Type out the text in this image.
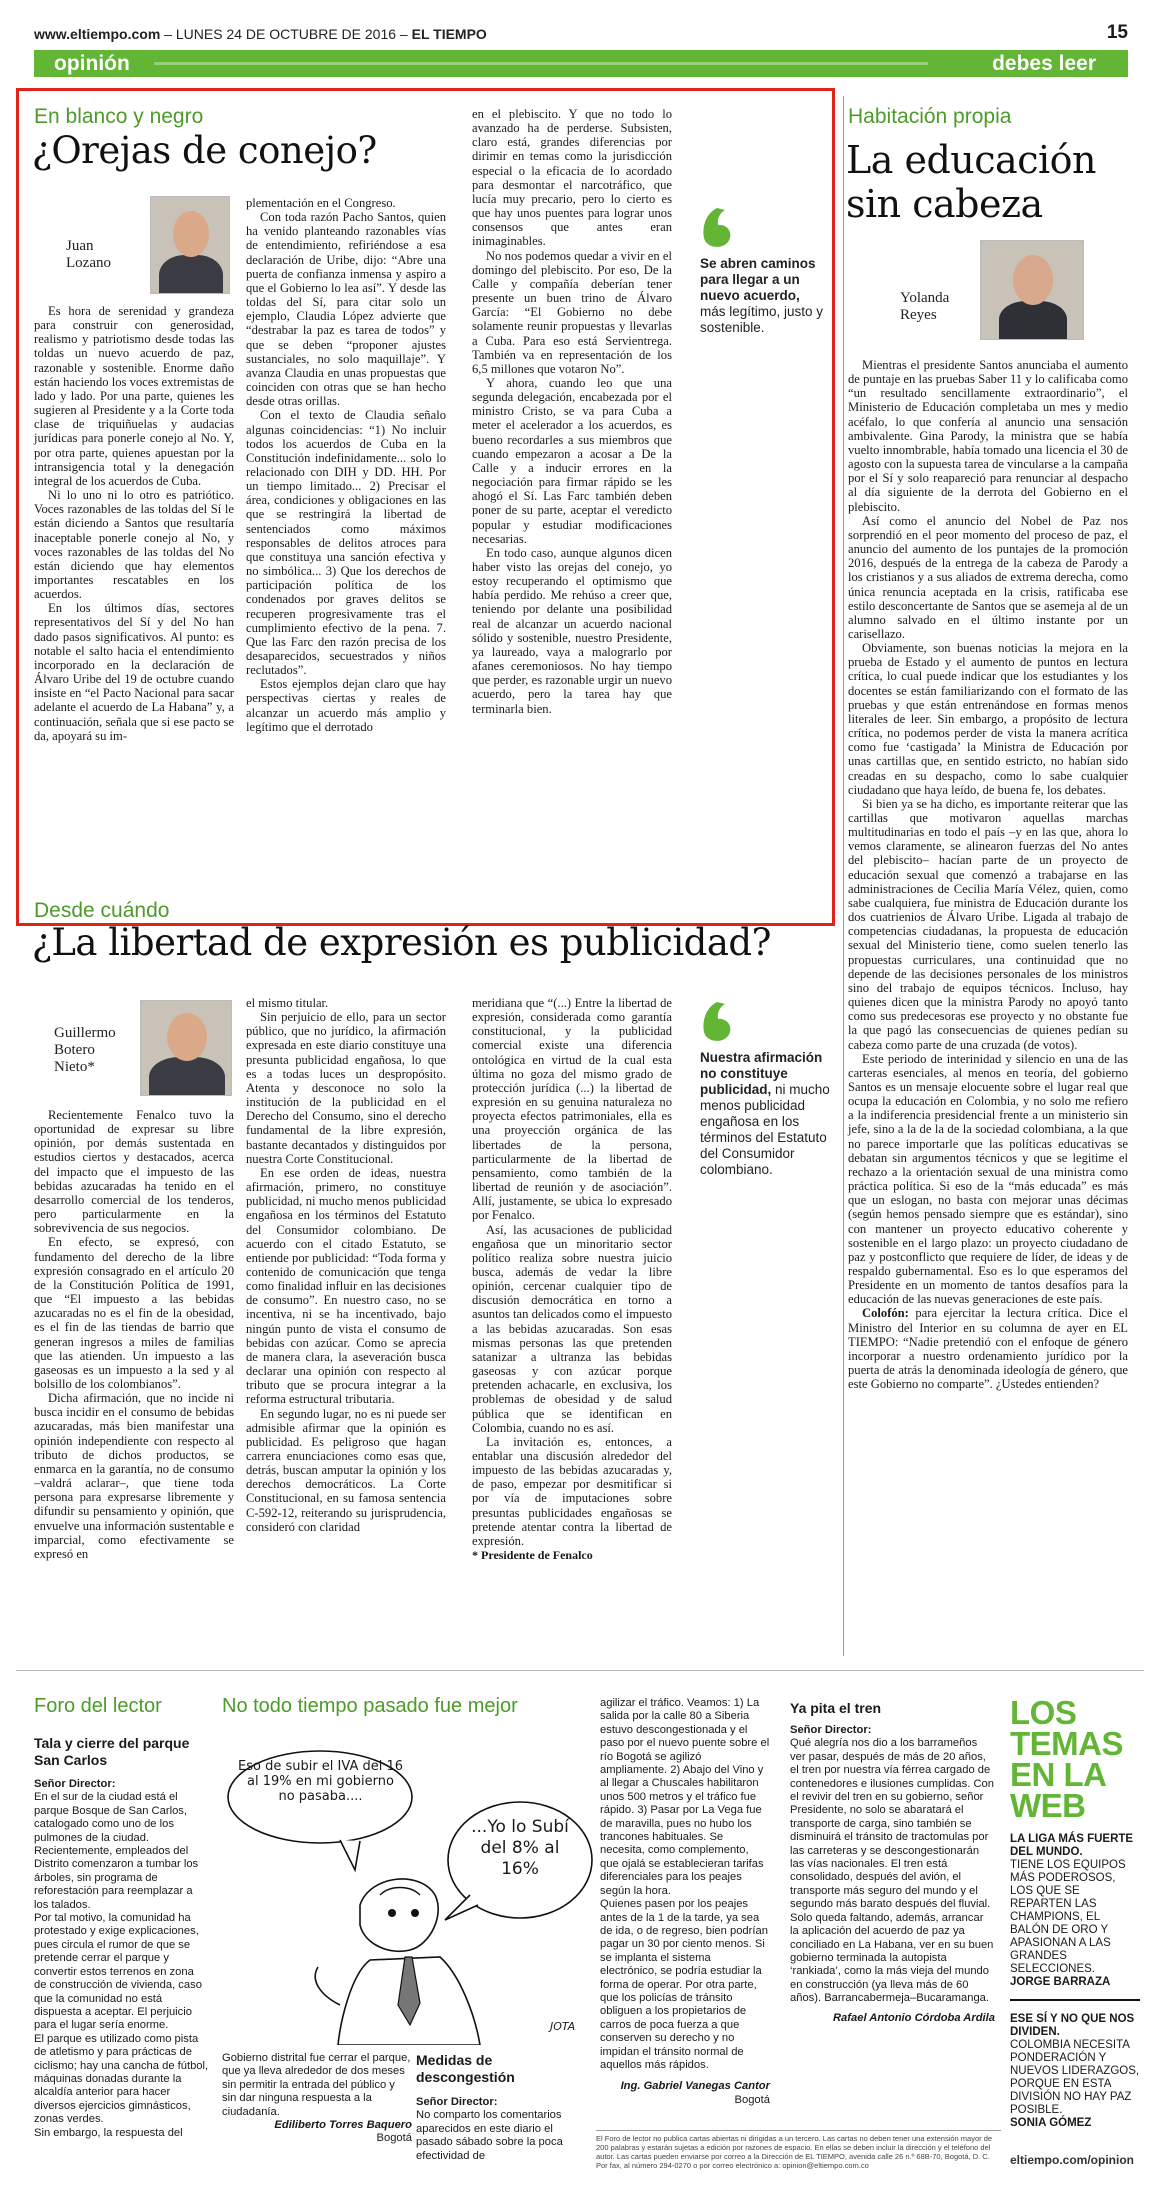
www.eltiempo.com – LUNES 24 DE OCTUBRE DE 2016 – EL TIEMPO	15
opinión	debes leer
En blanco y negro
¿Orejas de conejo?
Juan
Lozano

Es hora de serenidad y grandeza para construir con generosidad, realismo y patriotismo desde todas las toldas un nuevo acuerdo de paz, razonable y sostenible. Enorme daño están haciendo los voces extremistas de lado y lado. Por una parte, quienes les sugieren al Presidente y a la Corte toda clase de triquiñuelas y audacias jurídicas para ponerle conejo al No. Y, por otra parte, quienes apuestan por la intransigencia total y la denegación integral de los acuerdos de Cuba.

Ni lo uno ni lo otro es patriótico. Voces razonables de las toldas del Sí le están diciendo a Santos que resultaría inaceptable ponerle conejo al No, y voces razonables de las toldas del No están diciendo que hay elementos importantes rescatables en los acuerdos.

En los últimos días, sectores representativos del Sí y del No han dado pasos significativos. Al punto: es notable el salto hacia el entendimiento incorporado en la declaración de Álvaro Uribe del 19 de octubre cuando insiste en “el Pacto Nacional para sacar adelante el acuerdo de La Habana” y, a continuación, señala que si ese pacto se da, apoyará su im-

plementación en el Congreso.

Con toda razón Pacho Santos, quien ha venido planteando razonables vías de entendimiento, refiriéndose a esa declaración de Uribe, dijo: “Abre una puerta de confianza inmensa y aspiro a que el Gobierno lo lea así”. Y desde las toldas del Sí, para citar solo un ejemplo, Claudia López advierte que “destrabar la paz es tarea de todos” y que se deben “proponer ajustes sustanciales, no solo maquillaje”. Y avanza Claudia en unas propuestas que coinciden con otras que se han hecho desde otras orillas.

Con el texto de Claudia señalo algunas coincidencias: “1) No incluir todos los acuerdos de Cuba en la Constitución indefinidamente... solo lo relacionado con DIH y DD. HH. Por un tiempo limitado... 2) Precisar el área, condiciones y obligaciones en las que se restringirá la libertad de sentenciados como máximos responsables de delitos atroces para que constituya una sanción efectiva y no simbólica... 3) Que los derechos de participación política de los condenados por graves delitos se recuperen progresivamente tras el cumplimiento efectivo de la pena. 7. Que las Farc den razón precisa de los desaparecidos, secuestrados y niños reclutados”.

Estos ejemplos dejan claro que hay perspectivas ciertas y reales de alcanzar un acuerdo más amplio y legítimo que el derrotado

en el plebiscito. Y que no todo lo avanzado ha de perderse. Subsisten, claro está, grandes diferencias por dirimir en temas como la jurisdicción especial o la eficacia de lo acordado para desmontar el narcotráfico, que lucía muy precario, pero lo cierto es que hay unos puentes para lograr unos consensos que antes eran inimaginables.

No nos podemos quedar a vivir en el domingo del plebiscito. Por eso, De la Calle y compañía deberían tener presente un buen trino de Álvaro García: “El Gobierno no debe solamente reunir propuestas y llevarlas a Cuba. Para eso está Servientrega. También va en representación de los 6,5 millones que votaron No”.

Y ahora, cuando leo que una segunda delegación, encabezada por el ministro Cristo, se va para Cuba a meter el acelerador a los acuerdos, es bueno recordarles a sus miembros que cuando empezaron a acosar a De la Calle y a inducir errores en la negociación para firmar rápido se les ahogó el Sí. Las Farc también deben poner de su parte, aceptar el veredicto popular y estudiar modificaciones necesarias.

En todo caso, aunque algunos dicen haber visto las orejas del conejo, yo estoy recuperando el optimismo que había perdido. Me rehúso a creer que, teniendo por delante una posibilidad real de alcanzar un acuerdo nacional sólido y sostenible, nuestro Presidente, ya laureado, vaya a malograrlo por afanes ceremoniosos. No hay tiempo que perder, es razonable urgir un nuevo acuerdo, pero la tarea hay que terminarla bien.

Se abren caminos para llegar a un nuevo acuerdo, más legítimo, justo y sostenible.
Habitación propia
La educación sin cabeza
Yolanda
Reyes

Mientras el presidente Santos anunciaba el aumento de puntaje en las pruebas Saber 11 y lo calificaba como “un resultado sencillamente extraordinario”, el Ministerio de Educación completaba un mes y medio acéfalo, lo que confería al anuncio una sensación ambivalente. Gina Parody, la ministra que se había vuelto innombrable, había tomado una licencia el 30 de agosto con la supuesta tarea de vincularse a la campaña por el Sí y solo reapareció para renunciar al despacho al día siguiente de la derrota del Gobierno en el plebiscito.

Así como el anuncio del Nobel de Paz nos sorprendió en el peor momento del proceso de paz, el anuncio del aumento de los puntajes de la promoción 2016, después de la entrega de la cabeza de Parody a los cristianos y a sus aliados de extrema derecha, como única renuncia aceptada en la crisis, ratificaba ese estilo desconcertante de Santos que se asemeja al de un alumno salvado en el último instante por un carisellazo.

Obviamente, son buenas noticias la mejora en la prueba de Estado y el aumento de puntos en lectura crítica, lo cual puede indicar que los estudiantes y los docentes se están familiarizando con el formato de las pruebas y que están entrenándose en formas menos literales de leer. Sin embargo, a propósito de lectura crítica, no podemos perder de vista la manera acrítica como fue ‘castigada’ la Ministra de Educación por unas cartillas que, en sentido estricto, no habían sido creadas en su despacho, como lo sabe cualquier ciudadano que haya leído, de buena fe, los debates.

Si bien ya se ha dicho, es importante reiterar que las cartillas que motivaron aquellas marchas multitudinarias en todo el país –y en las que, ahora lo vemos claramente, se alinearon fuerzas del No antes del plebiscito– hacían parte de un proyecto de educación sexual que comenzó a trabajarse en las administraciones de Cecilia María Vélez, quien, como sabe cualquiera, fue ministra de Educación durante los dos cuatrienios de Álvaro Uribe. Ligada al trabajo de competencias ciudadanas, la propuesta de educación sexual del Ministerio tiene, como suelen tenerlo las propuestas curriculares, una continuidad que no depende de las decisiones personales de los ministros sino del trabajo de equipos técnicos. Incluso, hay quienes dicen que la ministra Parody no apoyó tanto como sus predecesoras ese proyecto y no obstante fue la que pagó las consecuencias de quienes pedían su cabeza como parte de una cruzada (de votos).

Este periodo de interinidad y silencio en una de las carteras esenciales, al menos en teoría, del gobierno Santos es un mensaje elocuente sobre el lugar real que ocupa la educación en Colombia, y no solo me refiero a la indiferencia presidencial frente a un ministerio sin jefe, sino a la de la de la sociedad colombiana, a la que no parece importarle que las políticas educativas se debatan sin argumentos técnicos y que se legitime el rechazo a la orientación sexual de una ministra como práctica política. Si eso de la “más educada” es más que un eslogan, no basta con mejorar unas décimas (según hemos pensado siempre que es estándar), sino con mantener un proyecto educativo coherente y sostenible en el largo plazo: un proyecto ciudadano de paz y postconflicto que requiere de líder, de ideas y de respaldo gubernamental. Eso es lo que esperamos del Presidente en un momento de tantos desafíos para la educación de las nuevas generaciones de este país.

Colofón: para ejercitar la lectura crítica. Dice el Ministro del Interior en su columna de ayer en EL TIEMPO: “Nadie pretendió con el enfoque de género incorporar a nuestro ordenamiento jurídico por la puerta de atrás la denominada ideología de género, que este Gobierno no comparte”. ¿Ustedes entienden?

Desde cuándo
¿La libertad de expresión es publicidad?
Guillermo
Botero
Nieto*

Recientemente Fenalco tuvo la oportunidad de expresar su libre opinión, por demás sustentada en estudios ciertos y destacados, acerca del impacto que el impuesto de las bebidas azucaradas ha tenido en el desarrollo comercial de los tenderos, pero particularmente en la sobrevivencia de sus negocios.

En efecto, se expresó, con fundamento del derecho de la libre expresión consagrado en el artículo 20 de la Constitución Política de 1991, que “El impuesto a las bebidas azucaradas no es el fin de la obesidad, es el fin de las tiendas de barrio que generan ingresos a miles de familias que las atienden. Un impuesto a las gaseosas es un impuesto a la sed y al bolsillo de los colombianos”.

Dicha afirmación, que no incide ni busca incidir en el consumo de bebidas azucaradas, más bien manifestar una opinión independiente con respecto al tributo de dichos productos, se enmarca en la garantía, no de consumo –valdrá aclarar–, que tiene toda persona para expresarse libremente y difundir su pensamiento y opinión, que envuelve una información sustentable e imparcial, como efectivamente se expresó en

el mismo titular.

Sin perjuicio de ello, para un sector público, que no jurídico, la afirmación expresada en este diario constituye una presunta publicidad engañosa, lo que es a todas luces un despropósito. Atenta y desconoce no solo la institución de la publicidad en el Derecho del Consumo, sino el derecho fundamental de la libre expresión, bastante decantados y distinguidos por nuestra Corte Constitucional.

En ese orden de ideas, nuestra afirmación, primero, no constituye publicidad, ni mucho menos publicidad engañosa en los términos del Estatuto del Consumidor colombiano. De acuerdo con el citado Estatuto, se entiende por publicidad: “Toda forma y contenido de comunicación que tenga como finalidad influir en las decisiones de consumo”. En nuestro caso, no se incentiva, ni se ha incentivado, bajo ningún punto de vista el consumo de bebidas con azúcar. Como se aprecia de manera clara, la aseveración busca declarar una opinión con respecto al tributo que se procura integrar a la reforma estructural tributaria.

En segundo lugar, no es ni puede ser admisible afirmar que la opinión es publicidad. Es peligroso que hagan carrera enunciaciones como esas que, detrás, buscan amputar la opinión y los derechos democráticos. La Corte Constitucional, en su famosa sentencia C-592-12, reiterando su jurisprudencia, consideró con claridad

meridiana que “(...) Entre la libertad de expresión, considerada como garantía constitucional, y la publicidad comercial existe una diferencia ontológica en virtud de la cual esta última no goza del mismo grado de protección jurídica (...) la libertad de expresión en su genuina naturaleza no proyecta efectos patrimoniales, ella es una proyección orgánica de las libertades de la persona, particularmente de la libertad de pensamiento, como también de la libertad de reunión y de asociación”. Allí, justamente, se ubica lo expresado por Fenalco.

Así, las acusaciones de publicidad engañosa que un minoritario sector político realiza sobre nuestra juicio busca, además de vedar la libre opinión, cercenar cualquier tipo de discusión democrática en torno a asuntos tan delicados como el impuesto a las bebidas azucaradas. Son esas mismas personas las que pretenden satanizar a ultranza las bebidas gaseosas y con azúcar porque pretenden achacarle, en exclusiva, los problemas de obesidad y de salud pública que se identifican en Colombia, cuando no es así.

La invitación es, entonces, a entablar una discusión alrededor del impuesto de las bebidas azucaradas y, de paso, empezar por desmitificar si por vía de imputaciones sobre presuntas publicidades engañosas se pretende atentar contra la libertad de expresión.

* Presidente de Fenalco

Nuestra afirmación no constituye publicidad, ni mucho menos publicidad engañosa en los términos del Estatuto del Consumidor colombiano.
Foro del lector
Tala y cierre del parque San Carlos

Señor Director:

En el sur de la ciudad está el parque Bosque de San Carlos, catalogado como uno de los pulmones de la ciudad. Recientemente, empleados del Distrito comenzaron a tumbar los árboles, sin programa de reforestación para reemplazar a los talados.

Por tal motivo, la comunidad ha protestado y exige explicaciones, pues circula el rumor de que se pretende cerrar el parque y convertir estos terrenos en zona de construcción de vivienda, caso que la comunidad no está dispuesta a aceptar. El perjuicio para el lugar sería enorme.

El parque es utilizado como pista de atletismo y para prácticas de ciclismo; hay una cancha de fútbol, máquinas donadas durante la alcaldía anterior para hacer diversos ejercicios gimnásticos, zonas verdes.

Sin embargo, la respuesta del

No todo tiempo pasado fue mejor
Eso de subir el IVA del 16 al 19% en mi gobierno no pasaba....
...Yo lo Subí del 8% al 16%
JOTA

Gobierno distrital fue cerrar el parque, que ya lleva alrededor de dos meses sin permitir la entrada del público y sin dar ninguna respuesta a la ciudadanía.

Ediliberto Torres Baquero

Bogotá

Medidas de descongestión

Señor Director:

No comparto los comentarios aparecidos en este diario el pasado sábado sobre la poca efectividad de

agilizar el tráfico. Veamos: 1) La salida por la calle 80 a Siberia estuvo descongestionada y el paso por el nuevo puente sobre el río Bogotá se agilizó ampliamente. 2) Abajo del Vino y al llegar a Chuscales habilitaron unos 500 metros y el tráfico fue rápido. 3) Pasar por La Vega fue de maravilla, pues no hubo los trancones habituales. Se necesita, como complemento, que ojalá se establecieran tarifas diferenciales para los peajes según la hora.

Quienes pasen por los peajes antes de la 1 de la tarde, ya sea de ida, o de regreso, bien podrían pagar un 30 por ciento menos. Si se implanta el sistema electrónico, se podría estudiar la forma de operar. Por otra parte, que los policías de tránsito obliguen a los propietarios de carros de poca fuerza a que conserven su derecho y no impidan el tránsito normal de aquellos más rápidos.

Ing. Gabriel Vanegas Cantor

Bogotá

Ya pita el tren

Señor Director:

Qué alegría nos dio a los barrameños ver pasar, después de más de 20 años, el tren por nuestra vía férrea cargado de contenedores e ilusiones cumplidas. Con el revivir del tren en su gobierno, señor Presidente, no solo se abaratará el transporte de carga, sino también se disminuirá el tránsito de tractomulas por las carreteras y se descongestionarán las vías nacionales. El tren está consolidado, después del avión, el transporte más seguro del mundo y el segundo más barato después del fluvial. Solo queda faltando, además, arrancar la aplicación del acuerdo de paz ya conciliado en La Habana, ver en su buen gobierno terminada la autopista ‘rankiada’, como la más vieja del mundo en construcción (ya lleva más de 60 años). Barrancabermeja–Bucaramanga.

Rafael Antonio Córdoba Ardila

El Foro de lector no publica cartas abiertas ni dirigidas a un tercero. Las cartas no deben tener una extensión mayor de 200 palabras y estarán sujetas a edición por razones de espacio. En ellas se deben incluir la dirección y el teléfono del autor. Las cartas pueden enviarse por correo a la Dirección de EL TIEMPO, avenida calle 26 n.º 68B-70, Bogotá, D. C. Por fax, al número 294-0270 o por correo electrónico a: opinion@eltiempo.com.co
LOS
TEMAS
EN LA
WEB
LA LIGA MÁS FUERTE DEL MUNDO.
TIENE LOS EQUIPOS MÁS PODEROSOS, LOS QUE SE REPARTEN LAS CHAMPIONS, EL BALÓN DE ORO Y APASIONAN A LAS GRANDES SELECCIONES.
JORGE BARRAZA
ESE SÍ Y NO QUE NOS DIVIDEN.
COLOMBIA NECESITA PONDERACIÓN Y NUEVOS LIDERAZGOS, PORQUE EN ESTA DIVISIÓN NO HAY PAZ POSIBLE.
SONIA GÓMEZ
eltiempo.com/opinion
